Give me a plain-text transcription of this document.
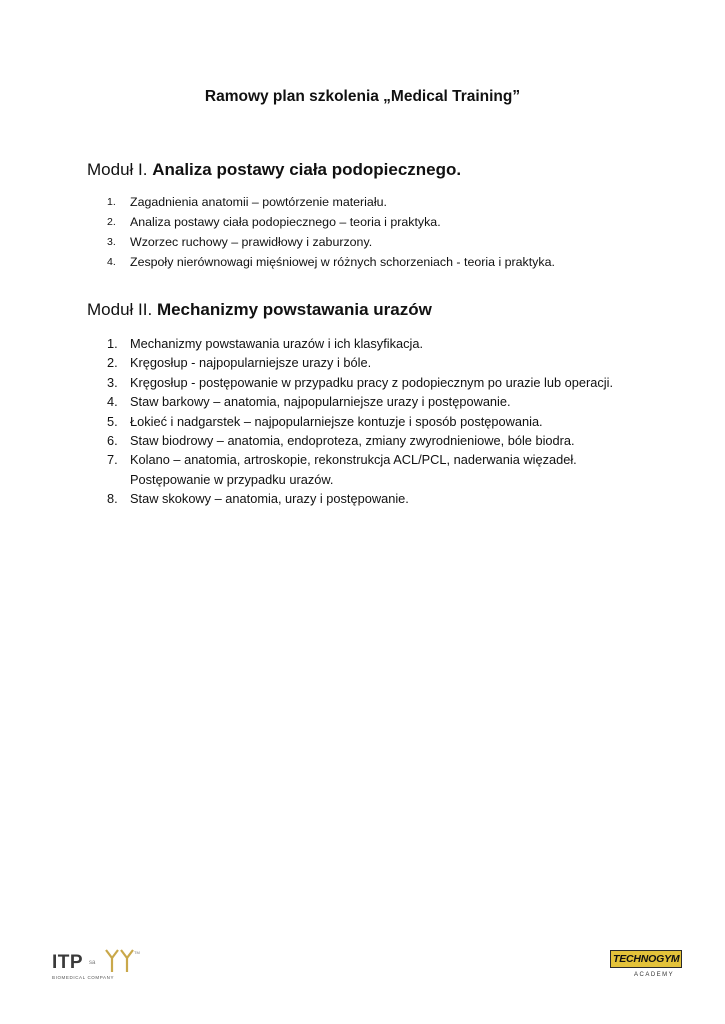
Ramowy plan szkolenia „Medical Training”
Moduł I. Analiza postawy ciała podopiecznego.
1. Zagadnienia anatomii – powtórzenie materiału.
2. Analiza postawy ciała podopiecznego – teoria i praktyka.
3. Wzorzec ruchowy – prawidłowy i zaburzony.
4. Zespoły nierównowagi mięśniowej w różnych schorzeniach - teoria i praktyka.
Moduł II. Mechanizmy powstawania urazów
1. Mechanizmy powstawania urazów i ich klasyfikacja.
2. Kręgosłup - najpopularniejsze urazy i bóle.
3. Kręgosłup - postępowanie w przypadku pracy z podopiecznym po urazie lub operacji.
4. Staw barkowy – anatomia, najpopularniejsze urazy i postępowanie.
5. Łokieć i nadgarstek – najpopularniejsze kontuzje i sposób postępowania.
6. Staw biodrowy – anatomia, endoproteza, zmiany zwyrodnieniowe, bóle biodra.
7. Kolano – anatomia, artroskopie, rekonstrukcja ACL/PCL, naderwania więzadeł.
Postępowanie w przypadku urazów.
8. Staw skokowy – anatomia, urazy i postępowanie.
ITP sa
TM
BIOMEDICAL COMPANY
TECHNOGYM
ACADEMY
